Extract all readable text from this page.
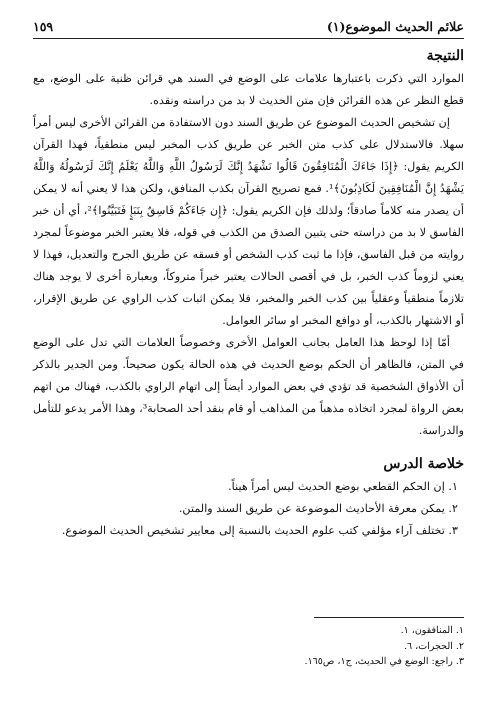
علائم الحديث الموضوع(١)
١٥٩
النتيجة

الموارد التي ذكرت باعتبارها علامات على الوضع في السند هي قرائن ظنية على الوضع، مع قطع النظر عن هذه القرائن فإن متن الحديث لا بد من دراسته ونقده.

إن تشخيص الحديث الموضوع عن طريق السند دون الاستفادة من القرائن الأخرى ليس أمراً سهلا. فالاستدلال على كذب متن الخبر عن طريق كذب المخبر ليس منطقياً، فهذا القرآن الكريم يقول: ﴿إِذَا جَاءَكَ الْمُنَافِقُونَ قَالُوا نَشْهَدُ إِنَّكَ لَرَسُولُ اللَّهِ وَاللَّهُ يَعْلَمُ إِنَّكَ لَرَسُولُهُ وَاللَّهُ يَشْهَدُ إِنَّ الْمُنَافِقِينَ لَكَاذِبُونَ﴾¹. فمع تصريح القرآن بكذب المنافق، ولكن هذا لا يعني أنه لا يمكن أن يصدر منه كلاماً صادقاً؛ ولذلك فإن الكريم يقول: ﴿إِن جَاءَكُمْ فَاسِقٌ بِنَبَإٍ فَتَبَيَّنُوا﴾²، أي أن خبر الفاسق لا بد من دراسته حتى يتبين الصدق من الكذب في قوله، فلا يعتبر الخبر موضوعاً لمجرد روايته من قبل الفاسق، فإذا ما ثبت كذب الشخص أو فسقه عن طريق الجرح والتعديل، فهذا لا يعني لزوماً كذب الخبر، بل في أقصى الحالات يعتبر خبراً متروكاً، وبعبارة أخرى لا يوجد هناك تلازماً منطقياً وعقلياً بين كذب الخبر والمخبر، فلا يمكن اثبات كذب الراوي عن طريق الإقرار، أو الاشتهار بالكذب، أو دوافع المخبر او سائر العوامل.

أمّا إذا لوحظ هذا العامل بجانب العوامل الأخرى وخصوصاً العلامات التي تدل على الوضع في المتن، فالظاهر أن الحكم بوضع الحديث في هذه الحالة يكون صحيحاً. ومن الجدير بالذكر أن الأذواق الشخصية قد تؤدي في بعض الموارد أيضاً إلى اتهام الراوي بالكذب، فهناك من اتهم بعض الرواة لمجرد اتخاذه مذهباً من المذاهب أو قام بنقد أحد الصحابة³، وهذا الأمر يدعو للتأمل والدراسة.

خلاصة الدرس
١. إن الحكم القطعي بوضع الحديث ليس أمراً هيناً.
٢. يمكن معرفة الأحاديث الموضوعة عن طريق السند والمتن.
٣. تختلف آراء مؤلفي كتب علوم الحديث بالنسبة إلى معايير تشخيص الحديث الموضوع.
١. المنافقون، ١.
٢. الحجرات، ٦.
٣. راجع: الوضع في الحديث، ج١، ص١٦٥.
